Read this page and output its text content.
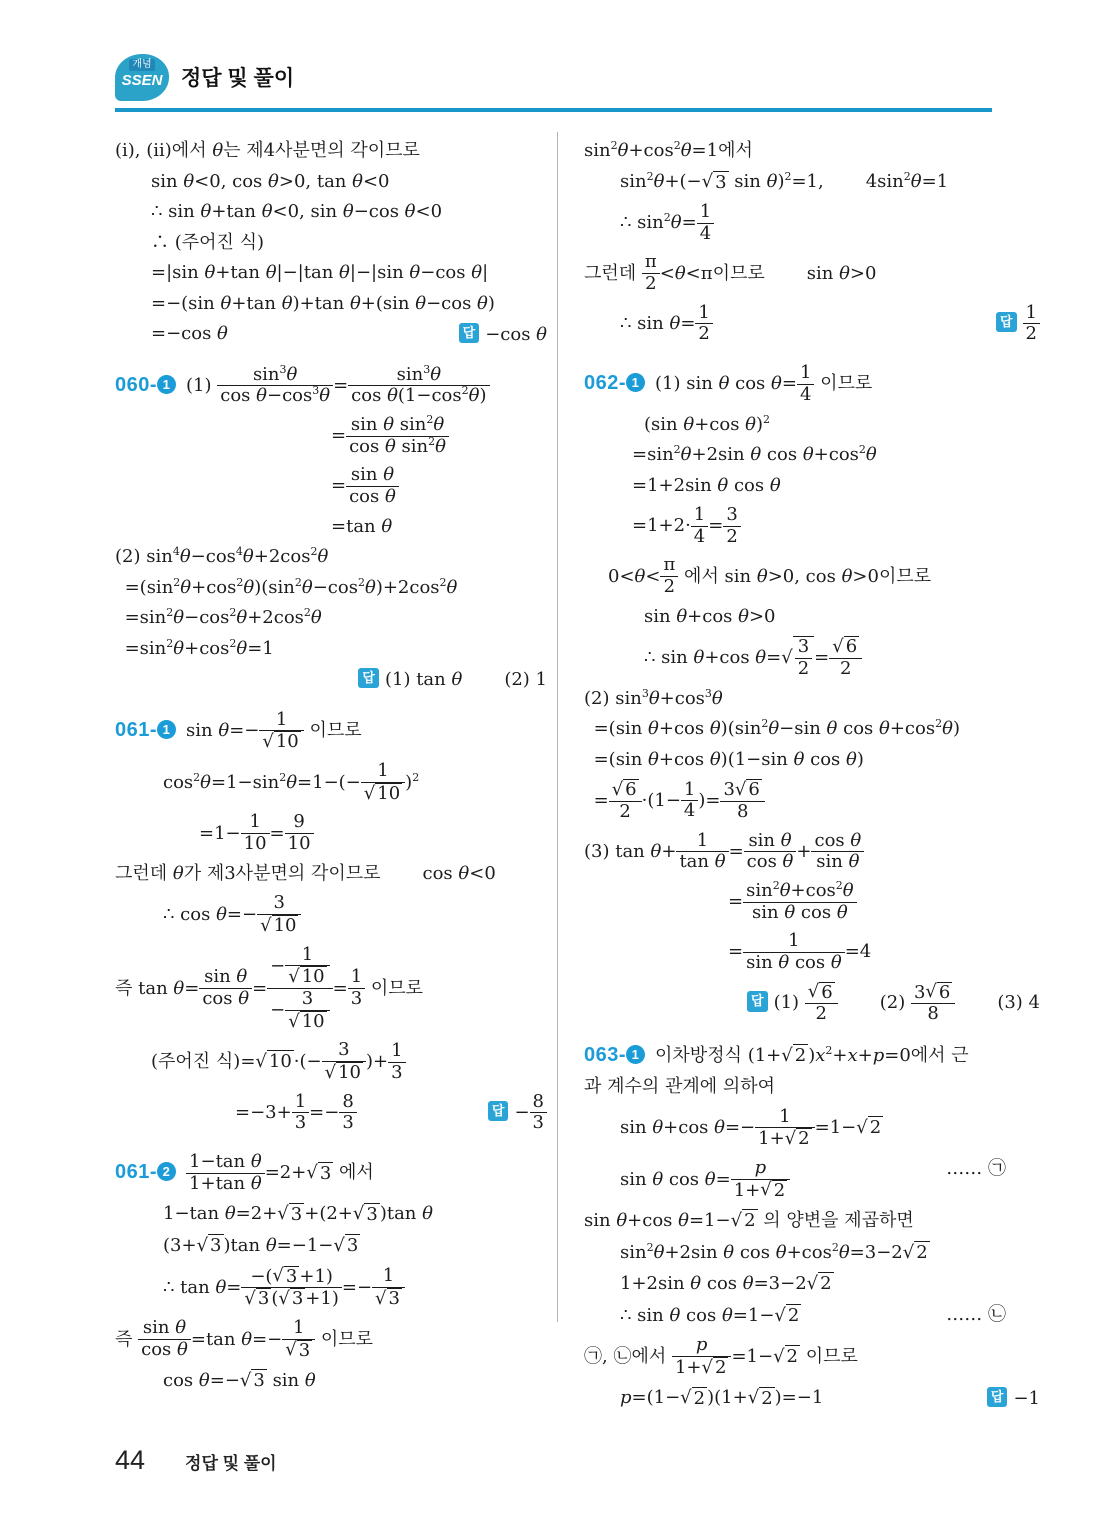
개념
SSEN 정답 및 풀이
(i), (ii)에서 θ는 제4사분면의 각이므로
sin θ<0, cos θ>0, tan θ<0
∴ sin θ+tan θ<0, sin θ−cos θ<0
∴ (주어진 식)
=|sin θ+tan θ|−|tan θ|−|sin θ−cos θ|
=−(sin θ+tan θ)+tan θ+(sin θ−cos θ)
답 −cos θ
=−cos θ
060- 1 $(1) \frac{\sin^3\theta}{\cos \theta-\cos^3\theta} = \frac{\sin^3\theta}{\cos \theta(1-\cos^2\theta)}$
= $\frac{\sin \theta \sin^2\theta}{\cos \theta \sin^2\theta}$
= $\frac{\text{sin θ}}{\text{cos θ}}$
=tan θ
(2) $\sin^4\theta-\cos^4\theta+2\cos^2\theta$
$=(\sin^2\theta+\cos^2\theta)(\sin^2\theta-\cos^2\theta)+2\cos^2\theta$
$=\sin^2\theta-\cos^2\theta+2\cos^2\theta$
$=\sin^2\theta+\cos^2\theta=1$
답 (1) tan θ (2) 1
061- 1 $\sin \theta=- \frac{1}{√ 10}$ 이므로
$\cos^2\theta=1-\sin^2\theta=1-(- \frac{1}{√ 10} )^2$
$=1- \frac{1}{10} = \frac{9}{10}$
그런데 θ가 제3사분면의 각이므로 cos θ<0
∴ $\cos \theta=- \frac{3}{√ 10}$
즉 $\tan \theta= \frac{\text{sin θ}}{\text{cos θ}} = \frac{- \frac{1}{√ 10}}{- \frac{3}{√ 10}} = \frac{1}{3}$ 이므로
(주어진 식)=√ 10 ·(− $\frac{3}{√ 10}$ )+ $\frac{1}{3}$
답 − $\frac{8}{3}$
$=-3+ \frac{1}{3} =- \frac{8}{3}$
061- $2 \frac{\text{1−tan θ}}{\text{1+tan θ}} =2+√$ 3 에서
1−tan θ=2+√ 3 +(2+√ 3 )tan θ
(3+√ 3 )tan θ=−1−√ 3
∴ $\tan \theta= \frac{-(√ 3 +1)}{√ 3 (√ 3 +1)} =- \frac{1}{√ 3}$
즉 $\frac{\text{sin θ}}{\text{cos θ}} =\tan$ $\theta=- \frac{1}{√ 3}$ 이므로
cos θ=−√ 3 sin θ
$\sin^2\theta+\cos^2\theta=1$에서
$\sin^2\theta+(-√$ 3 sin θ)$^2$=1, $4\sin^2\theta=1$
∴ $\sin^2\theta= \frac{1}{4}$
그런데 $\frac{\pi}{2} <\theta<\pi$이므로 sin θ>0
답 $\frac{1}{2}$
∴ $\sin \theta= \frac{1}{2}$
062- 1 (1) sin θ $\cos \theta= \frac{1}{4}$ 이므로
(sin θ+cos θ)$^2$
$=\sin^2\theta+2\sin$ θ $\cos \theta+\cos^2\theta$
=1+2sin θ cos θ
$=1+2\cdot \frac{1}{4} = \frac{3}{2}$
$0<\theta< \frac{\pi}{2}$ 에서 sin θ>0, cos θ>0이므로
sin θ+cos θ>0
∴ sin θ+cos $\theta=√ \frac{3}{2} = \frac{√ 6}{2}$
(2) $\sin^3\theta+\cos^3\theta$
=(sin θ+cos $\theta)(\sin^2\theta-\sin$ θ $\cos \theta+\cos^2\theta$)
=(sin θ+cos θ)(1−sin θ cos θ)
= $\frac{√ 6}{2} \cdot(1- \frac{1}{4}$ )= $\frac{3√ 6}{8}$
(3) $\tan \theta+ \frac{1}{\text{tan θ}} = \frac{\text{sin θ}}{\text{cos θ}} + \frac{\text{cos θ}}{\text{sin θ}}$
= $\frac{\sin^2\theta+\cos^2\theta}{\text{sin θ cos θ}}$
= $\frac{1}{\text{sin θ cos θ}} =4$
답 $(1) \frac{√ 6}{2} (2) \frac{3√ 6}{8} (3)$ 4
063- 1 이차방정식 (1+√ 2 )$x^2+x+p=0$에서 근
과 계수의 관계에 의하여
sin θ+cos $\theta=- \frac{1}{1+√ 2} =1-√$ 2
…… ㉠
sin θ $\cos \theta= \frac{p}{1+√ 2}$
sin θ+cos θ=1−√ 2 의 양변을 제곱하면
$\sin^2\theta+2\sin$ θ $\cos \theta+\cos^2\theta=3-2√$ 2
1+2sin θ cos θ=3−2√ 2
…… ㉡
∴ sin θ cos θ=1−√ 2
㉠, ㉡에서 $\frac{p}{1+√ 2} =1-√$ 2 이므로
답 −1
p=(1−√ 2 )(1+√ 2 )=−1
44 정답 및 풀이
